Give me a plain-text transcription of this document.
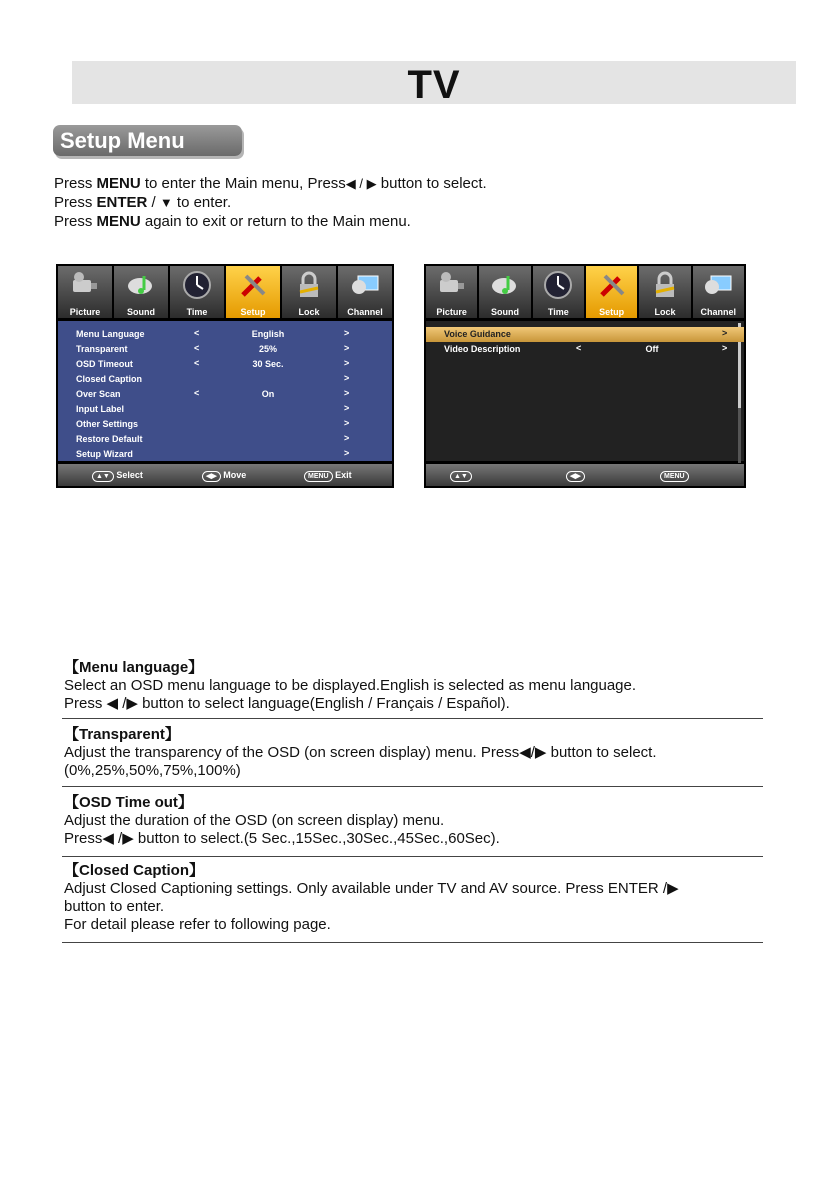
TV
Setup Menu
Press MENU to enter the Main menu, Press◀ / ▶ button to select.
Press ENTER / ▼ to enter.
Press MENU again to exit or return to the Main menu.
Picture	Sound	Time	Setup	Lock	Channel
Menu Language	<	English	>
Transparent	<	25%	>
OSD Timeout	<	30 Sec.	>
Closed Caption	>
Over Scan	<	On	>
Input Label	>
Other Settings	>
Restore Default	>
Setup Wizard	>
▲▼ Select	◀▶ Move	MENU Exit
Picture	Sound	Time	Setup	Lock	Channel
Voice Guidance	>
Video Description	<	Off	>
▲▼	◀▶	MENU
【Menu language】
Select an OSD menu language to be displayed.English is selected as menu language.
Press ◀ /▶ button to select language(English / Français / Español).
【Transparent】
Adjust the transparency of the OSD (on screen display) menu. Press◀/▶ button to select.
(0%,25%,50%,75%,100%)
【OSD Time out】
Adjust the duration of the OSD (on screen display) menu.
Press◀ /▶ button to select.(5 Sec.,15Sec.,30Sec.,45Sec.,60Sec).
【Closed Caption】
Adjust Closed Captioning settings. Only available under TV and AV source. Press ENTER /▶
button to enter.
For detail please refer to following page.
